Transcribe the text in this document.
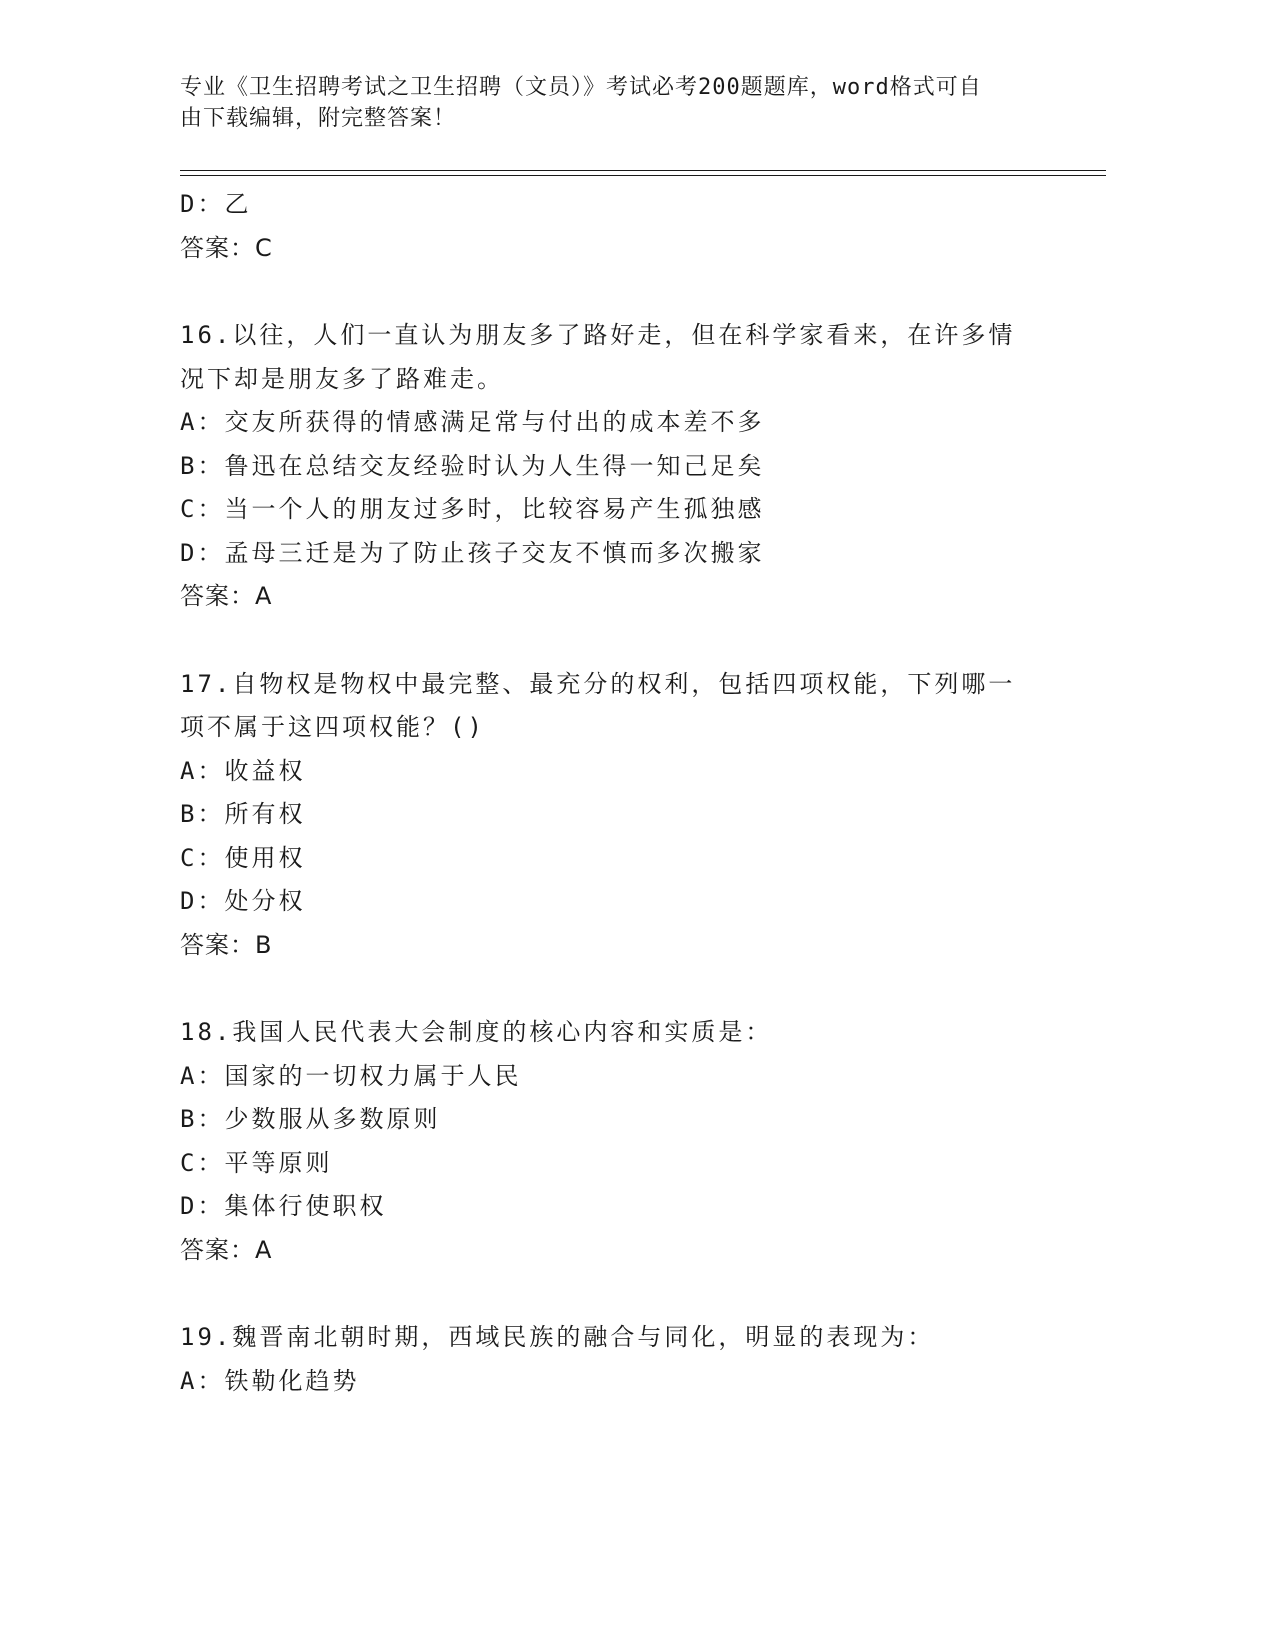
专业《卫生招聘考试之卫生招聘（文员）》考试必考200题题库，word格式可自
由下载编辑，附完整答案！
D：乙
答案：C
16.以往，人们一直认为朋友多了路好走，但在科学家看来，在许多情
况下却是朋友多了路难走。
A：交友所获得的情感满足常与付出的成本差不多
B：鲁迅在总结交友经验时认为人生得一知己足矣
C：当一个人的朋友过多时，比较容易产生孤独感
D：孟母三迁是为了防止孩子交友不慎而多次搬家
答案：A
17.自物权是物权中最完整、最充分的权利，包括四项权能，下列哪一
项不属于这四项权能？()
A：收益权
B：所有权
C：使用权
D：处分权
答案：B
18.我国人民代表大会制度的核心内容和实质是：
A：国家的一切权力属于人民
B：少数服从多数原则
C：平等原则
D：集体行使职权
答案：A
19.魏晋南北朝时期，西域民族的融合与同化，明显的表现为：
A：铁勒化趋势
